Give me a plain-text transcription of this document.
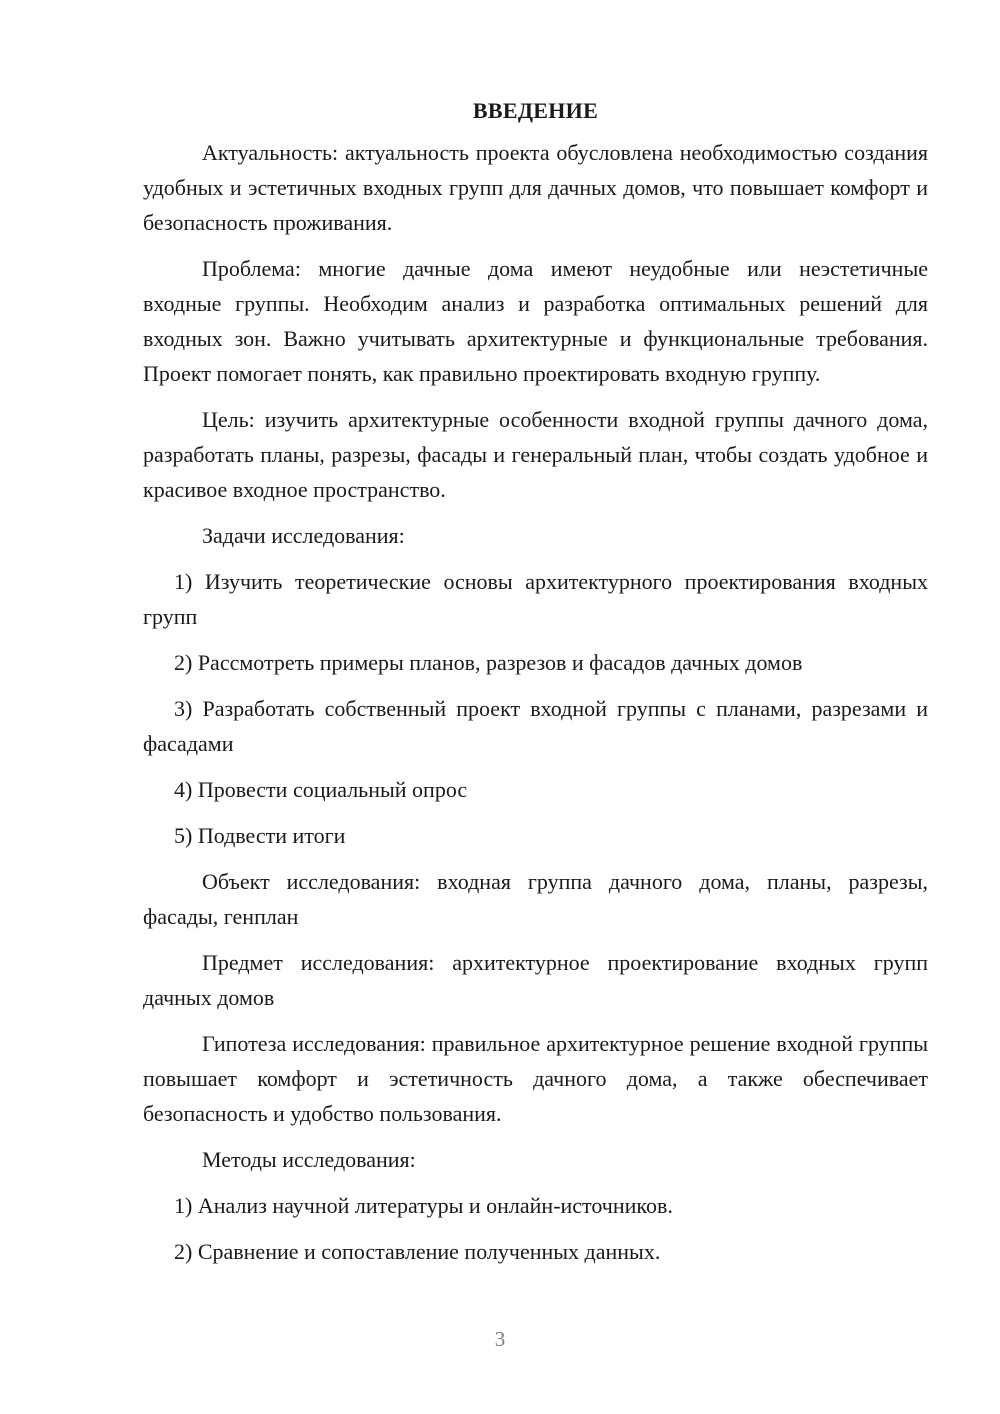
ВВЕДЕНИЕ

Актуальность: актуальность проекта обусловлена необходимостью создания удобных и эстетичных входных групп для дачных домов, что повышает комфорт и безопасность проживания.

Проблема: многие дачные дома имеют неудобные или неэстетичные входные группы. Необходим анализ и разработка оптимальных решений для входных зон. Важно учитывать архитектурные и функциональные требования. Проект помогает понять, как правильно проектировать входную группу.

Цель: изучить архитектурные особенности входной группы дачного дома, разработать планы, разрезы, фасады и генеральный план, чтобы создать удобное и красивое входное пространство.

Задачи исследования:

1) Изучить теоретические основы архитектурного проектирования входных групп

2) Рассмотреть примеры планов, разрезов и фасадов дачных домов

3) Разработать собственный проект входной группы с планами, разрезами и фасадами

4) Провести социальный опрос

5) Подвести итоги

Объект исследования: входная группа дачного дома, планы, разрезы, фасады, генплан

Предмет исследования: архитектурное проектирование входных групп дачных домов

Гипотеза исследования: правильное архитектурное решение входной группы повышает комфорт и эстетичность дачного дома, а также обеспечивает безопасность и удобство пользования.

Методы исследования:

1) Анализ научной литературы и онлайн-источников.

2) Сравнение и сопоставление полученных данных.

3
